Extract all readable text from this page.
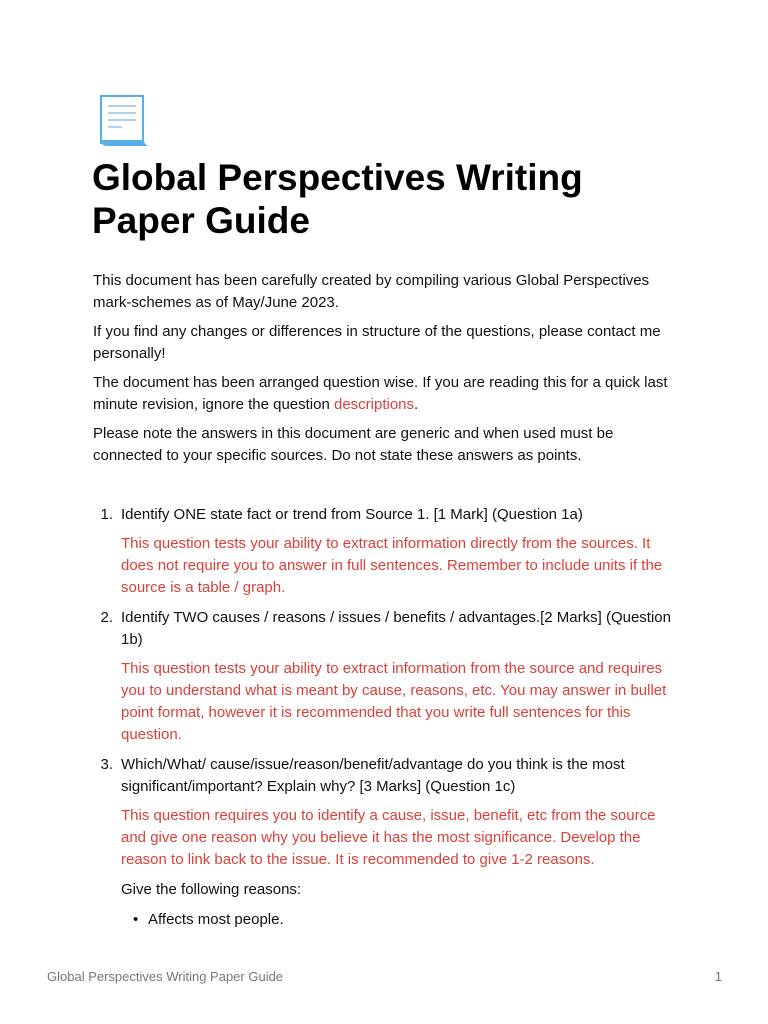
Global Perspectives Writing Paper Guide

This document has been carefully created by compiling various Global Perspectives mark-schemes as of May/June 2023.

If you find any changes or differences in structure of the questions, please contact me personally!

The document has been arranged question wise. If you are reading this for a quick last minute revision, ignore the question descriptions.

Please note the answers in this document are generic and when used must be connected to your specific sources. Do not state these answers as points.

1. Identify ONE state fact or trend from Source 1. [1 Mark] (Question 1a)

This question tests your ability to extract information directly from the sources. It does not require you to answer in full sentences. Remember to include units if the source is a table / graph.

2. Identify TWO causes / reasons / issues / benefits / advantages.[2 Marks] (Question 1b)

This question tests your ability to extract information from the source and requires you to understand what is meant by cause, reasons, etc. You may answer in bullet point format, however it is recommended that you write full sentences for this question.

3. Which/What/ cause/issue/reason/benefit/advantage do you think is the most significant/important? Explain why? [3 Marks] (Question 1c)

This question requires you to identify a cause, issue, benefit, etc from the source and give one reason why you believe it has the most significance. Develop the reason to link back to the issue. It is recommended to give 1-2 reasons.

Give the following reasons:

• Affects most people.
Global Perspectives Writing Paper Guide	1
